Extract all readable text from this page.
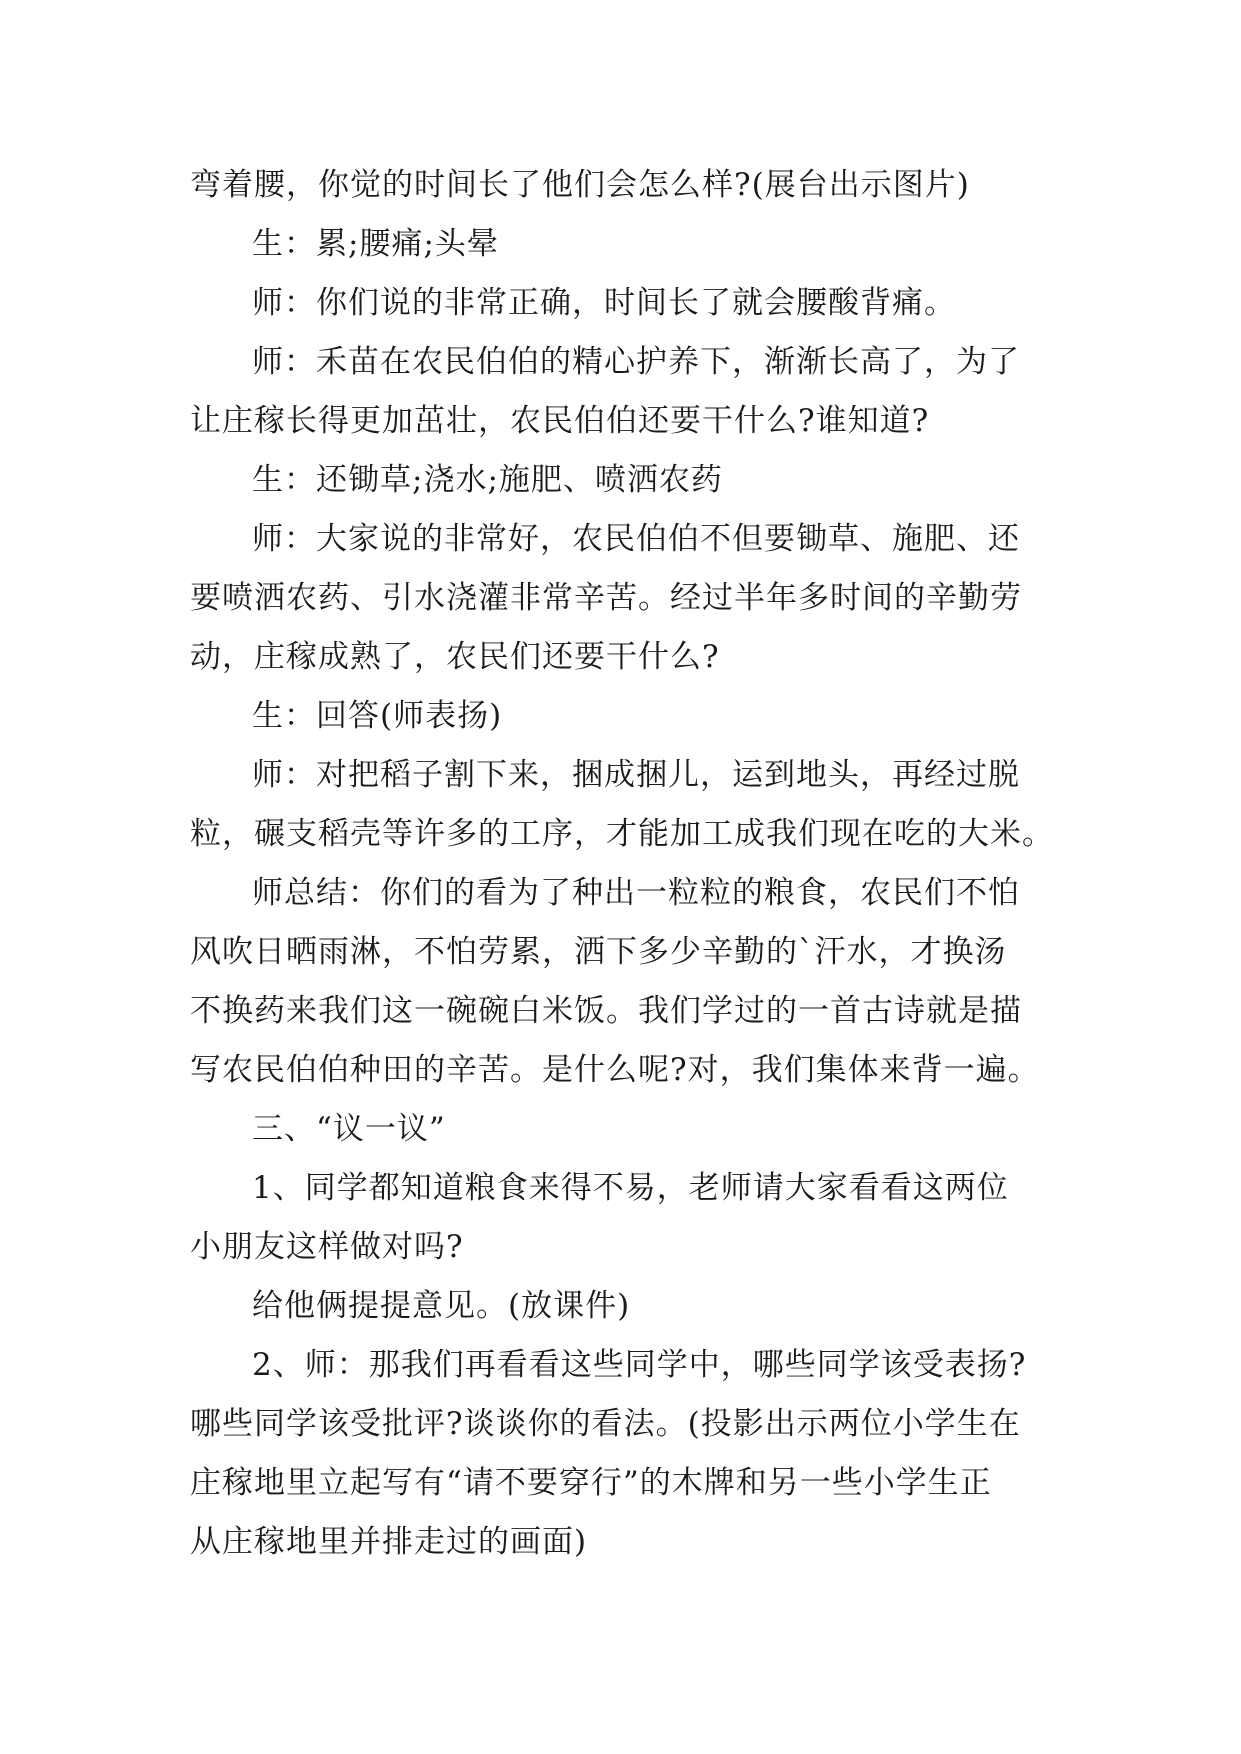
弯着腰，你觉的时间长了他们会怎么样?(展台出示图片)
生：累;腰痛;头晕
师：你们说的非常正确，时间长了就会腰酸背痛。
师：禾苗在农民伯伯的精心护养下，渐渐长高了，为了
让庄稼长得更加茁壮，农民伯伯还要干什么?谁知道?
生：还锄草;浇水;施肥、喷洒农药
师：大家说的非常好，农民伯伯不但要锄草、施肥、还
要喷洒农药、引水浇灌非常辛苦。经过半年多时间的辛勤劳
动，庄稼成熟了，农民们还要干什么?
生：回答(师表扬)
师：对把稻子割下来，捆成捆儿，运到地头，再经过脱
粒，碾支稻壳等许多的工序，才能加工成我们现在吃的大米。
师总结：你们的看为了种出一粒粒的粮食，农民们不怕
风吹日晒雨淋，不怕劳累，洒下多少辛勤的`汗水，才换汤
不换药来我们这一碗碗白米饭。我们学过的一首古诗就是描
写农民伯伯种田的辛苦。是什么呢?对，我们集体来背一遍。
三、“议一议”
1、同学都知道粮食来得不易，老师请大家看看这两位
小朋友这样做对吗?
给他俩提提意见。(放课件)
2、师：那我们再看看这些同学中，哪些同学该受表扬?
哪些同学该受批评?谈谈你的看法。(投影出示两位小学生在
庄稼地里立起写有“请不要穿行”的木牌和另一些小学生正
从庄稼地里并排走过的画面)
